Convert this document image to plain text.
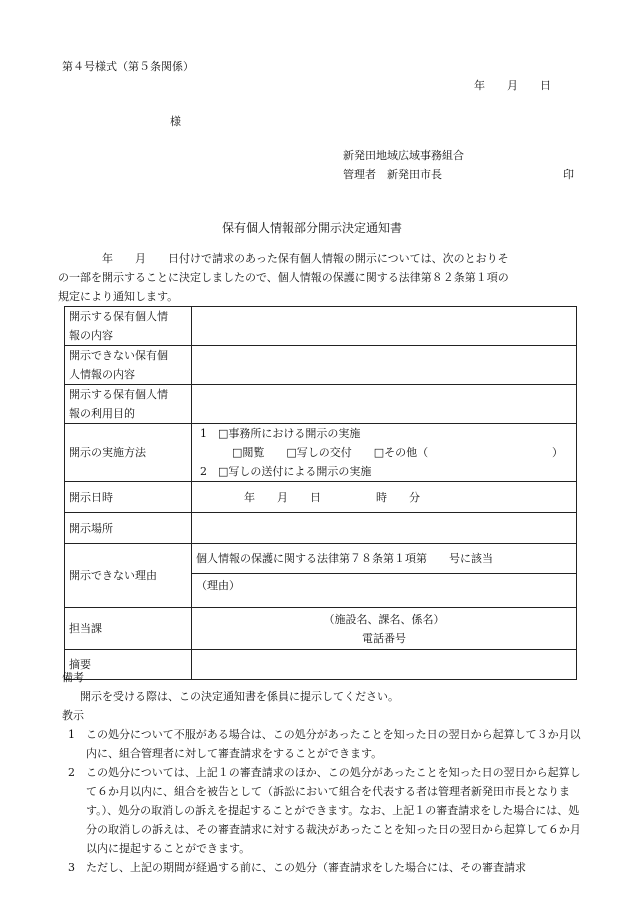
第４号様式（第５条関係）
年　　月　　日
様
新発田地域広域事務組合
管理者　新発田市長	印
保有個人情報部分開示決定通知書
年　　月　　日付けで請求のあった保有個人情報の開示については、次のとおりそ
の一部を開示することに決定しましたので、個人情報の保護に関する法律第８２条第１項の
規定により通知します。
開示する保有個人情
報の内容	

開示できない保有個
人情報の内容	

開示する保有個人情
報の利用目的	

開示の実施方法	1　□事務所における開示の実施
□閲覧　　□写しの交付　　□その他（ ）
2　□写しの送付による開示の実施

開示日時	年　　月　　日　　　　　時　　分
開示場所	
開示できない理由	個人情報の保護に関する法律第７８条第１項第　　号に該当
	（理由）
担当課	（施設名、課名、係名）
電話番号

摘要	
備考
開示を受ける際は、この決定通知書を係員に提示してください。
教示
1 この処分について不服がある場合は、この処分があったことを知った日の翌日から起算して３か月以内に、組合管理者に対して審査請求をすることができます。
2 この処分については、上記１の審査請求のほか、この処分があったことを知った日の翌日から起算して６か月以内に、組合を被告として（訴訟において組合を代表する者は管理者新発田市長となります。）、処分の取消しの訴えを提起することができます。なお、上記１の審査請求をした場合には、処分の取消しの訴えは、その審査請求に対する裁決があったことを知った日の翌日から起算して６か月以内に提起することができます。
3 ただし、上記の期間が経過する前に、この処分（審査請求をした場合には、その審査請求
